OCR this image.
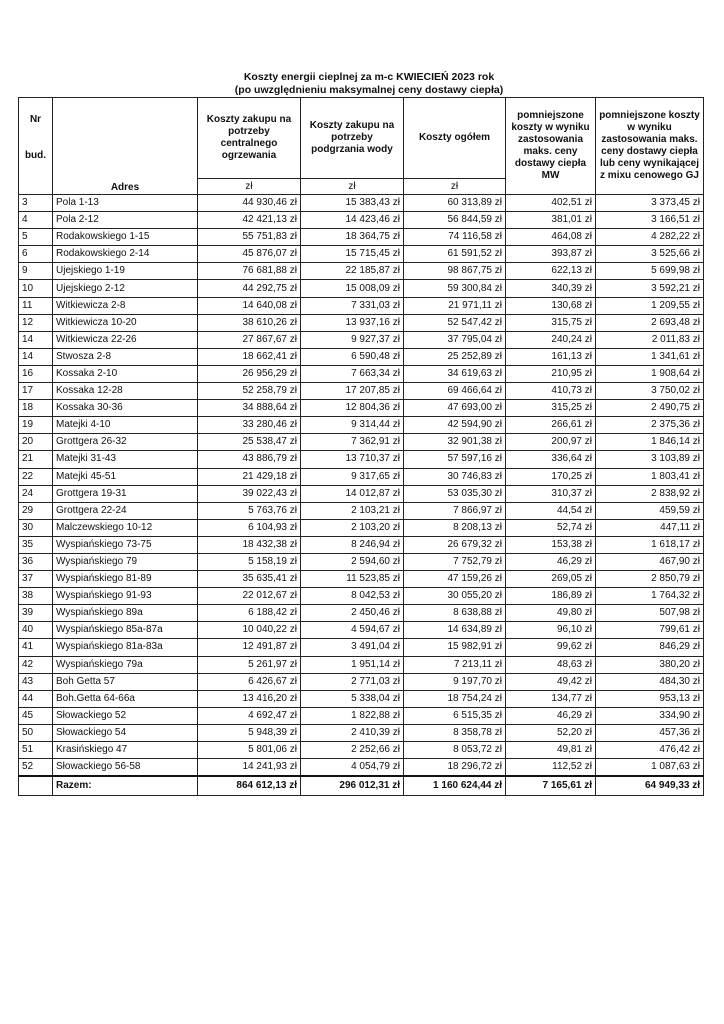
Koszty energii cieplnej za m-c KWIECIEŃ 2023 rok
(po uwzględnieniu maksymalnej ceny dostawy ciepła)
Nr
bud.	Adres	Koszty zakupu na potrzeby centralnego ogrzewania	Koszty zakupu na potrzeby podgrzania wody	Koszty ogółem	pomniejszone koszty w wyniku zastosowania maks. ceny dostawy ciepła MW	pomniejszone koszty w wyniku zastosowania maks. ceny dostawy ciepła lub ceny wynikającej z mixu cenowego GJ
		zł	zł	zł		
3	Pola 1-13	44 930,46 zł	15 383,43 zł	60 313,89 zł	402,51 zł	3 373,45 zł
4	Pola 2-12	42 421,13 zł	14 423,46 zł	56 844,59 zł	381,01 zł	3 166,51 zł
5	Rodakowskiego 1-15	55 751,83 zł	18 364,75 zł	74 116,58 zł	464,08 zł	4 282,22 zł
6	Rodakowskiego 2-14	45 876,07 zł	15 715,45 zł	61 591,52 zł	393,87 zł	3 525,66 zł
9	Ujejskiego 1-19	76 681,88 zł	22 185,87 zł	98 867,75 zł	622,13 zł	5 699,98 zł
10	Ujejskiego 2-12	44 292,75 zł	15 008,09 zł	59 300,84 zł	340,39 zł	3 592,21 zł
11	Witkiewicza 2-8	14 640,08 zł	7 331,03 zł	21 971,11 zł	130,68 zł	1 209,55 zł
12	Witkiewicza 10-20	38 610,26 zł	13 937,16 zł	52 547,42 zł	315,75 zł	2 693,48 zł
14	Witkiewicza 22-26	27 867,67 zł	9 927,37 zł	37 795,04 zł	240,24 zł	2 011,83 zł
14	Stwosza 2-8	18 662,41 zł	6 590,48 zł	25 252,89 zł	161,13 zł	1 341,61 zł
16	Kossaka 2-10	26 956,29 zł	7 663,34 zł	34 619,63 zł	210,95 zł	1 908,64 zł
17	Kossaka 12-28	52 258,79 zł	17 207,85 zł	69 466,64 zł	410,73 zł	3 750,02 zł
18	Kossaka 30-36	34 888,64 zł	12 804,36 zł	47 693,00 zł	315,25 zł	2 490,75 zł
19	Matejki 4-10	33 280,46 zł	9 314,44 zł	42 594,90 zł	266,61 zł	2 375,36 zł
20	Grottgera 26-32	25 538,47 zł	7 362,91 zł	32 901,38 zł	200,97 zł	1 846,14 zł
21	Matejki 31-43	43 886,79 zł	13 710,37 zł	57 597,16 zł	336,64 zł	3 103,89 zł
22	Matejki 45-51	21 429,18 zł	9 317,65 zł	30 746,83 zł	170,25 zł	1 803,41 zł
24	Grottgera 19-31	39 022,43 zł	14 012,87 zł	53 035,30 zł	310,37 zł	2 838,92 zł
29	Grottgera 22-24	5 763,76 zł	2 103,21 zł	7 866,97 zł	44,54 zł	459,59 zł
30	Malczewskiego 10-12	6 104,93 zł	2 103,20 zł	8 208,13 zł	52,74 zł	447,11 zł
35	Wyspiańskiego 73-75	18 432,38 zł	8 246,94 zł	26 679,32 zł	153,38 zł	1 618,17 zł
36	Wyspiańskiego 79	5 158,19 zł	2 594,60 zł	7 752,79 zł	46,29 zł	467,90 zł
37	Wyspiańskiego 81-89	35 635,41 zł	11 523,85 zł	47 159,26 zł	269,05 zł	2 850,79 zł
38	Wyspiańskiego 91-93	22 012,67 zł	8 042,53 zł	30 055,20 zł	186,89 zł	1 764,32 zł
39	Wyspiańskiego 89a	6 188,42 zł	2 450,46 zł	8 638,88 zł	49,80 zł	507,98 zł
40	Wyspiańskiego 85a-87a	10 040,22 zł	4 594,67 zł	14 634,89 zł	96,10 zł	799,61 zł
41	Wyspiańskiego 81a-83a	12 491,87 zł	3 491,04 zł	15 982,91 zł	99,62 zł	846,29 zł
42	Wyspiańskiego 79a	5 261,97 zł	1 951,14 zł	7 213,11 zł	48,63 zł	380,20 zł
43	Boh Getta 57	6 426,67 zł	2 771,03 zł	9 197,70 zł	49,42 zł	484,30 zł
44	Boh.Getta 64-66a	13 416,20 zł	5 338,04 zł	18 754,24 zł	134,77 zł	953,13 zł
45	Słowackiego 52	4 692,47 zł	1 822,88 zł	6 515,35 zł	46,29 zł	334,90 zł
50	Słowackiego 54	5 948,39 zł	2 410,39 zł	8 358,78 zł	52,20 zł	457,36 zł
51	Krasińskiego 47	5 801,06 zł	2 252,66 zł	8 053,72 zł	49,81 zł	476,42 zł
52	Słowackiego 56-58	14 241,93 zł	4 054,79 zł	18 296,72 zł	112,52 zł	1 087,63 zł
	Razem:	864 612,13 zł	296 012,31 zł	1 160 624,44 zł	7 165,61 zł	64 949,33 zł
